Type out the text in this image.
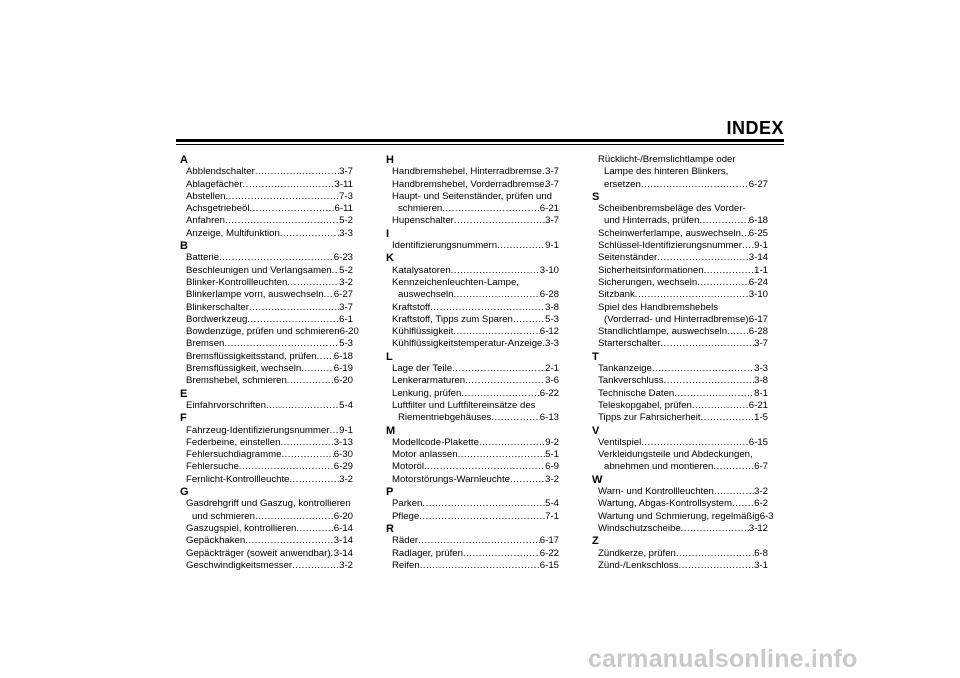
INDEX
A
Abblendschalter .....	3-7
Ablagefächer .....	3-11
Abstellen .....	7-3
Achsgetriebeöl .....	6-11
Anfahren .....	5-2
Anzeige, Multifunktion .....	3-3
B
Batterie .....	6-23
Beschleunigen und Verlangsamen ..... 5-2
Blinker-Kontrollleuchten .....	3-2
Blinkerlampe vorn, auswechseln ..... 6-27
Blinkerschalter .....	3-7
Bordwerkzeug .....	6-1
Bowdenzüge, prüfen und schmieren 6-20
Bremsen .....	5-3
Bremsflüssigkeitsstand, prüfen ..... 6-18
Bremsflüssigkeit, wechseln .....	6-19
Bremshebel, schmieren .....	6-20
E
Einfahrvorschriften .....	5-4
F
Fahrzeug-Identifizierungsnummer ..... 9-1
Federbeine, einstellen .....	3-13
Fehlersuchdiagramme .....	6-30
Fehlersuche .....	6-29
Fernlicht-Kontrollleuchte .....	3-2
G
Gasdrehgriff und Gaszug, kontrollieren
und schmieren .....	6-20
Gaszugspiel, kontrollieren .....	6-14
Gepäckhaken .....	3-14
Gepäckträger (soweit anwendbar) ..... 3-14
Geschwindigkeitsmesser .....	3-2
H
Handbremshebel, Hinterradbremse ..... 3-7
Handbremshebel, Vorderradbremse ..... 3-7
Haupt- und Seitenständer, prüfen und
schmieren .....	6-21
Hupenschalter .....	3-7
I
Identifizierungsnummern .....	9-1
K
Katalysatoren .....	3-10
Kennzeichenleuchten-Lampe,
auswechseln .....	6-28
Kraftstoff .....	3-8
Kraftstoff, Tipps zum Sparen .....	5-3
Kühlflüssigkeit .....	6-12
Kühlflüssigkeitstemperatur-Anzeige ..... 3-3
L
Lage der Teile .....	2-1
Lenkerarmaturen .....	3-6
Lenkung, prüfen .....	6-22
Luftfilter und Luftfiltereinsätze des
Riementriebgehäuses .....	6-13
M
Modellcode-Plakette .....	9-2
Motor anlassen .....	5-1
Motoröl .....	6-9
Motorstörungs-Warnleuchte .....	3-2
P
Parken .....	5-4
Pflege .....	7-1
R
Räder .....	6-17
Radlager, prüfen .....	6-22
Reifen .....	6-15
Rücklicht-/Bremslichtlampe oder
Lampe des hinteren Blinkers,
ersetzen .....	6-27
S
Scheibenbremsbeläge des Vorder-
und Hinterrads, prüfen .....	6-18
Scheinwerferlampe, auswechseln ..... 6-25
Schlüssel-Identifizierungsnummer ..... 9-1
Seitenständer .....	3-14
Sicherheitsinformationen .....	1-1
Sicherungen, wechseln .....	6-24
Sitzbank .....	3-10
Spiel des Handbremshebels
(Vorderrad- und Hinterradbremse) ..... 6-17
Standlichtlampe, auswechseln ..... 6-28
Starterschalter .....	3-7
T
Tankanzeige .....	3-3
Tankverschluss .....	3-8
Technische Daten .....	8-1
Teleskopgabel, prüfen .....	6-21
Tipps zur Fahrsicherheit .....	1-5
V
Ventilspiel .....	6-15
Verkleidungsteile und Abdeckungen,
abnehmen und montieren .....	6-7
W
Warn- und Kontrollleuchten .....	3-2
Wartung, Abgas-Kontrollsystem ..... 6-2
Wartung und Schmierung, regelmäßig 6-3
Windschutzscheibe .....	3-12
Z
Zündkerze, prüfen .....	6-8
Zünd-/Lenkschloss .....	3-1
carmanualsonline.info
